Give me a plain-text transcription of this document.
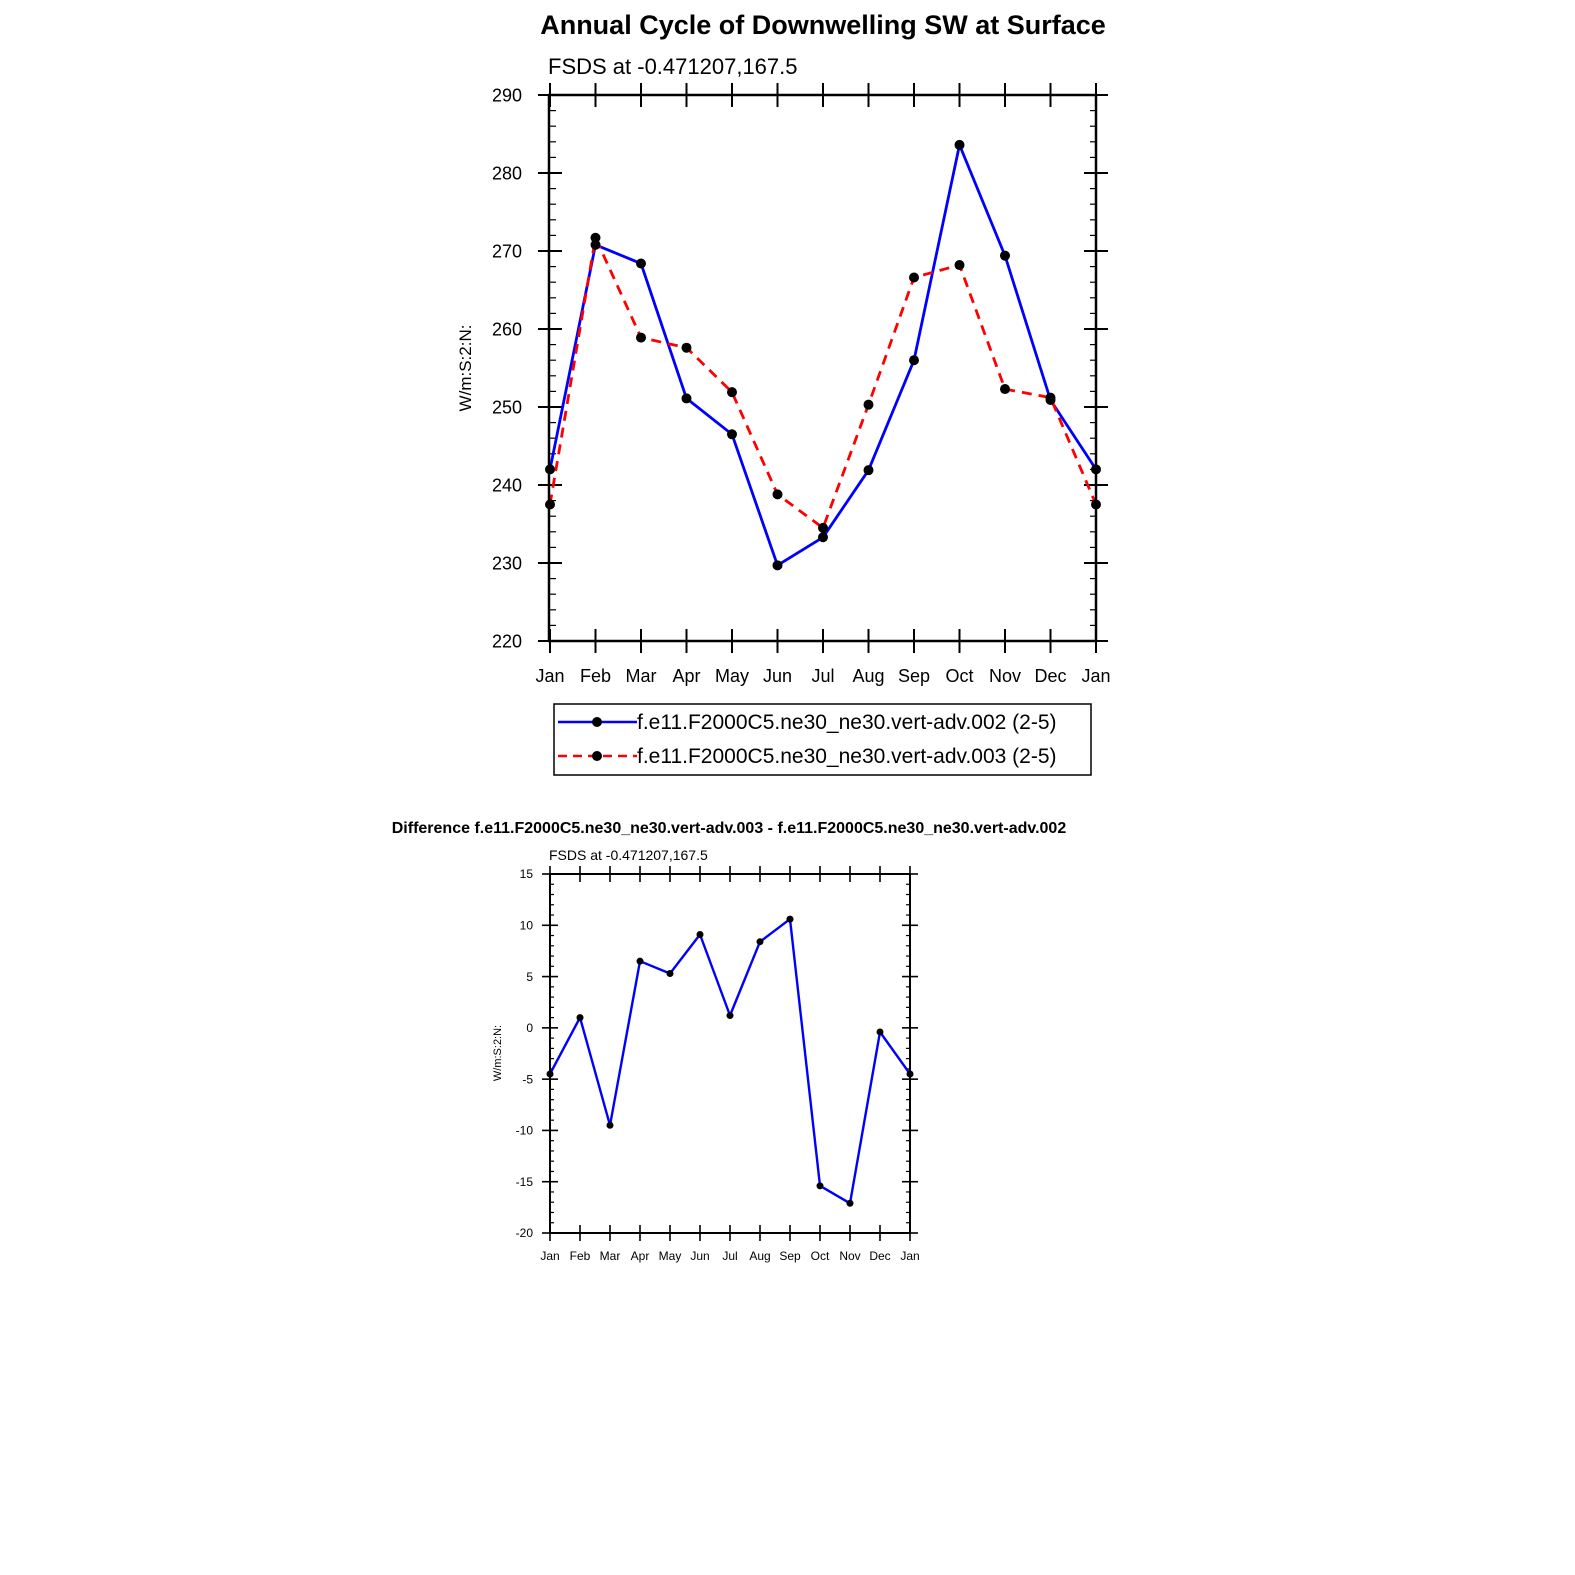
Annual Cycle of Downwelling SW at Surface
FSDS at -0.471207,167.5
W/m:S:2:N:
220
230
240
250
260
270
280
290
Jan Feb Mar Apr May Jun Jul Aug Sep Oct Nov Dec Jan
f.e11.F2000C5.ne30_ne30.vert-adv.002 (2-5)
f.e11.F2000C5.ne30_ne30.vert-adv.003 (2-5)
Difference f.e11.F2000C5.ne30_ne30.vert-adv.003 - f.e11.F2000C5.ne30_ne30.vert-adv.002
FSDS at -0.471207,167.5
W/m:S:2:N:
-20
-15
-10
-5
0
5
10
15
Jan Feb Mar Apr May Jun Jul Aug Sep Oct Nov Dec Jan
